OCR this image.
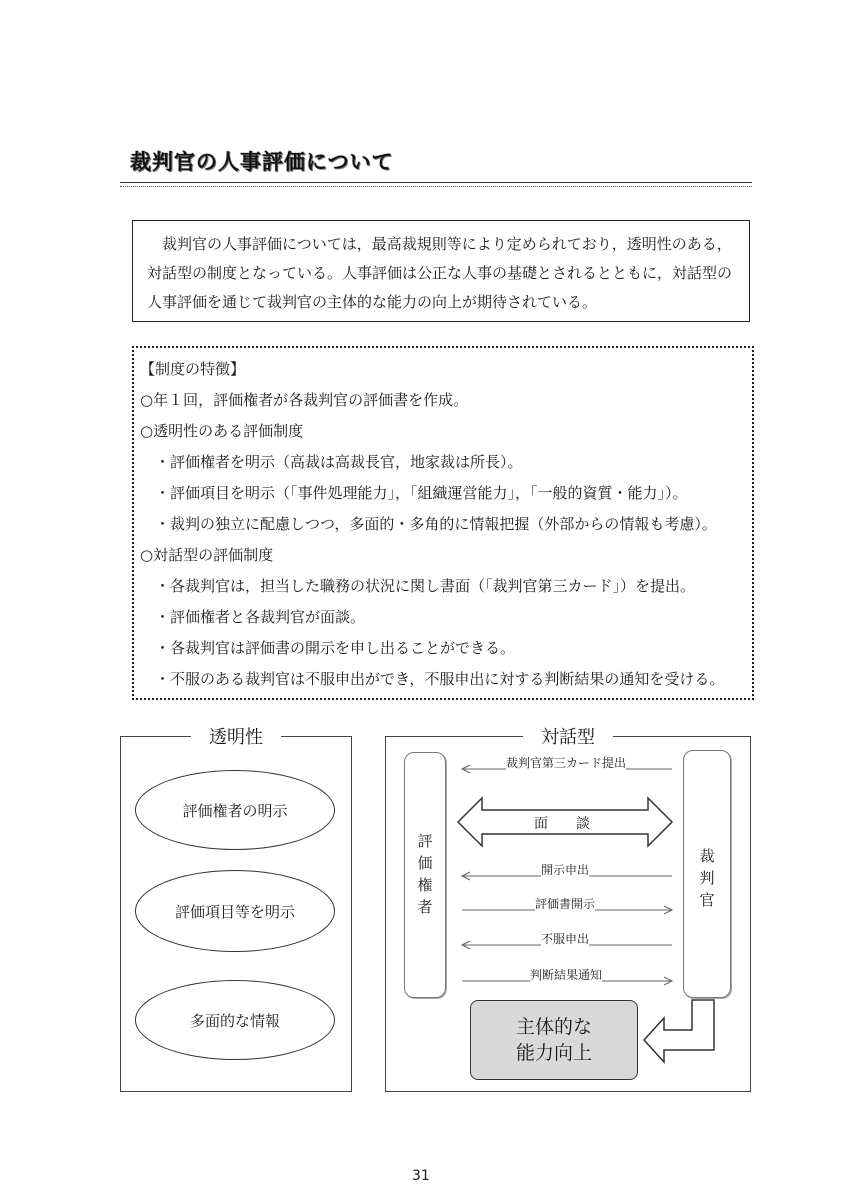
裁判官の人事評価について
　裁判官の人事評価については，最高裁規則等により定められており，透明性のある，
対話型の制度となっている。人事評価は公正な人事の基礎とされるとともに，対話型の
人事評価を通じて裁判官の主体的な能力の向上が期待されている。
【制度の特徴】
○年１回，評価権者が各裁判官の評価書を作成。
○透明性のある評価制度
　・評価権者を明示（高裁は高裁長官，地家裁は所長）。
　・評価項目を明示（「事件処理能力」，「組織運営能力」，「一般的資質・能力」）。
　・裁判の独立に配慮しつつ，多面的・多角的に情報把握（外部からの情報も考慮）。
○対話型の評価制度
　・各裁判官は，担当した職務の状況に関し書面（「裁判官第三カード」）を提出。
　・評価権者と各裁判官が面談。
　・各裁判官は評価書の開示を申し出ることができる。
　・不服のある裁判官は不服申出ができ，不服申出に対する判断結果の通知を受ける。
透明性
評価権者の明示
評価項目等を明示
多面的な情報
対話型
評
価
権
者
裁
判
官
裁判官第三カード提出
面　　談
開示申出
評価書開示
不服申出
判断結果通知
主体的な
能力向上
31
